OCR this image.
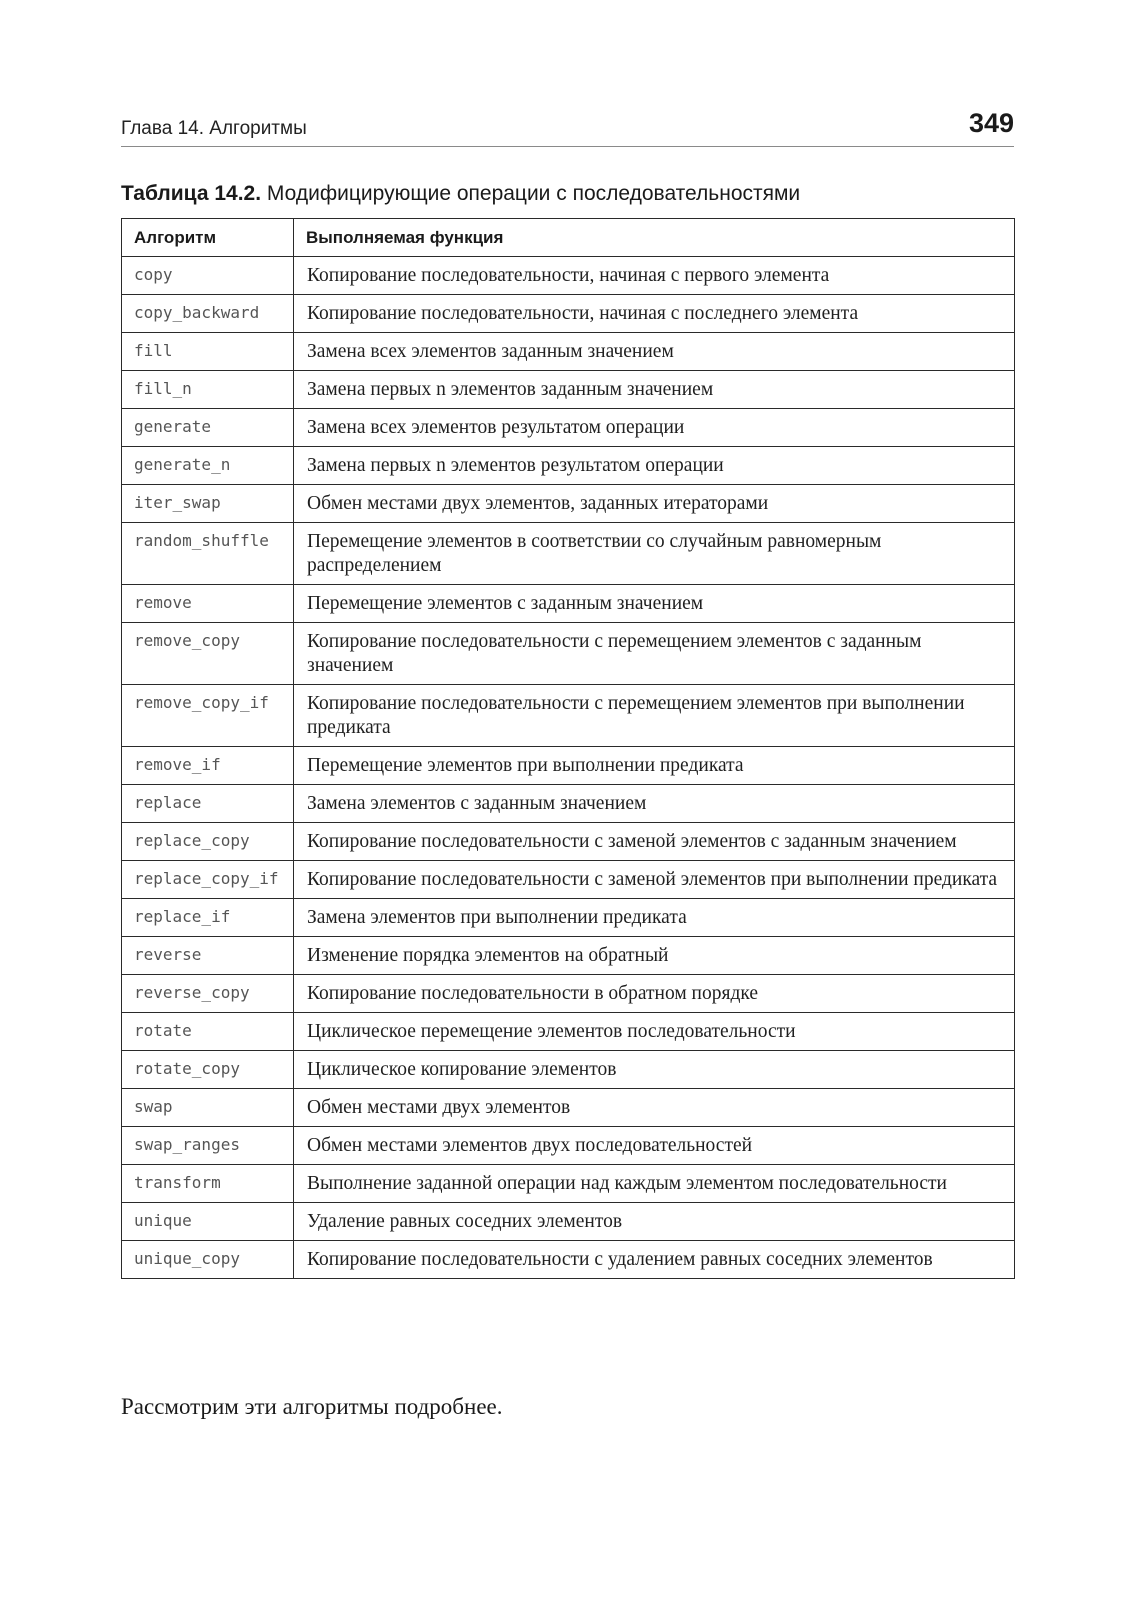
Глава 14. Алгоритмы	349
Таблица 14.2. Модифицирующие операции с последовательностями
Алгоритм	Выполняемая функция
copy	Копирование последовательности, начиная с первого элемента
copy_backward	Копирование последовательности, начиная с последнего элемента
fill	Замена всех элементов заданным значением
fill_n	Замена первых n элементов заданным значением
generate	Замена всех элементов результатом операции
generate_n	Замена первых n элементов результатом операции
iter_swap	Обмен местами двух элементов, заданных итераторами
random_shuffle	Перемещение элементов в соответствии со случайным равномерным распределением
remove	Перемещение элементов с заданным значением
remove_copy	Копирование последовательности с перемещением элементов с заданным значением
remove_copy_if	Копирование последовательности с перемещением элементов при выполнении предиката
remove_if	Перемещение элементов при выполнении предиката
replace	Замена элементов с заданным значением
replace_copy	Копирование последовательности с заменой элементов с заданным значением
replace_copy_if	Копирование последовательности с заменой элементов при выполнении предиката
replace_if	Замена элементов при выполнении предиката
reverse	Изменение порядка элементов на обратный
reverse_copy	Копирование последовательности в обратном порядке
rotate	Циклическое перемещение элементов последовательности
rotate_copy	Циклическое копирование элементов
swap	Обмен местами двух элементов
swap_ranges	Обмен местами элементов двух последовательностей
transform	Выполнение заданной операции над каждым элементом последовательности
unique	Удаление равных соседних элементов
unique_copy	Копирование последовательности с удалением равных соседних элементов

Рассмотрим эти алгоритмы подробнее.
